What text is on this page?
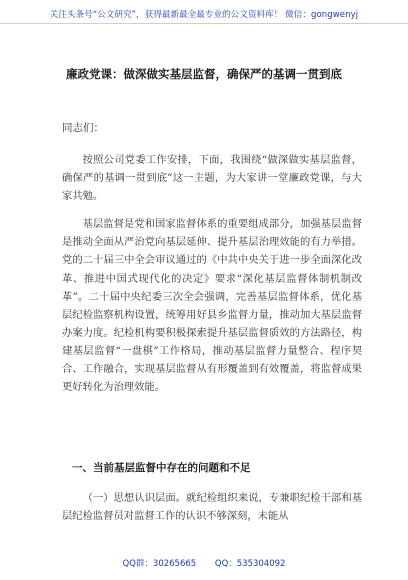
关注头条号“公文研究”，获得最新最全最专业的公文资料库！ 微信：gongwenyj
廉政党课：做深做实基层监督，确保严的基调一贯到底
同志们：

按照公司党委工作安排，下面，我围绕“做深做实基层监督，确保严的基调一贯到底”这一主题，为大家讲一堂廉政党课，与大家共勉。

基层监督是党和国家监督体系的重要组成部分，加强基层监督是推动全面从严治党向基层延伸、提升基层治理效能的有力举措。党的二十届三中全会审议通过的《中共中央关于进一步全面深化改革、推进中国式现代化的决定》要求“深化基层监督体制机制改革”。二十届中央纪委三次全会强调，完善基层监督体系，优化基层纪检监察机构设置，统筹用好县乡监督力量，推动加大基层监督办案力度。纪检机构要积极探索提升基层监督质效的方法路径，构建基层监督“一盘棋”工作格局，推动基层监督力量整合、程序契合、工作融合，实现基层监督从有形覆盖到有效覆盖，将监督成果更好转化为治理效能。

一、当前基层监督中存在的问题和不足
（一）思想认识层面。就纪检组织来说，专兼职纪检干部和基层纪检监督员对监督工作的认识不够深刻，未能从
QQ群：30265665 QQ：535304092
